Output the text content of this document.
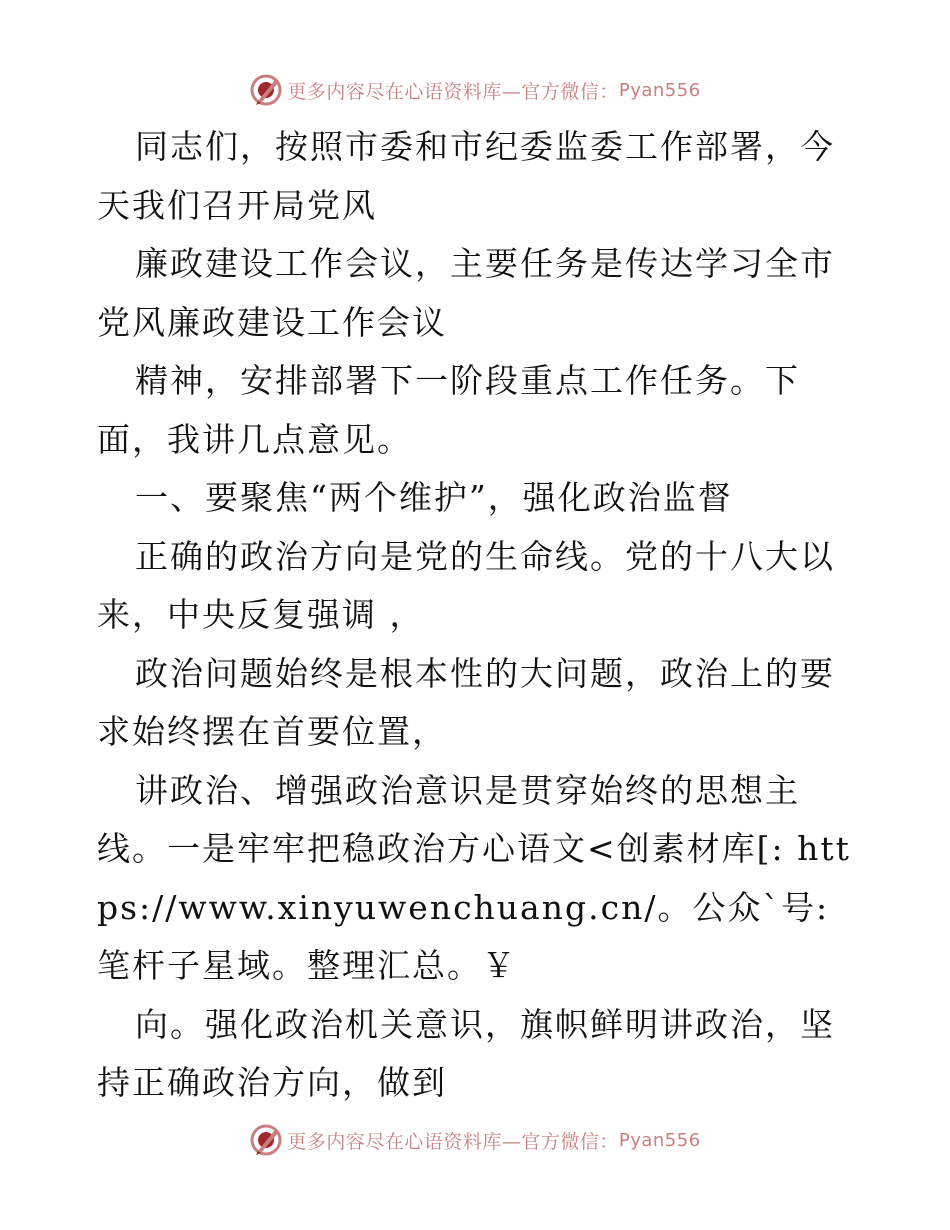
更多内容尽在心语资料库—官方微信： Pyan556

同志们，按照市委和市纪委监委工作部署，今天我们召开局党风

廉政建设工作会议，主要任务是传达学习全市党风廉政建设工作会议

精神，安排部署下一阶段重点工作任务。下面，我讲几点意见。

一、要聚焦“两个维护”，强化政治监督

正确的政治方向是党的生命线。党的十八大以来，中央反复强调 ，

政治问题始终是根本性的大问题，政治上的要求始终摆在首要位置，

讲政治、增强政治意识是贯穿始终的思想主线。一是牢牢把稳政治方心语文<创素材库[: https://www.xinyuwenchuang.cn/。公众`号: 笔杆子星域。整理汇总。￥

向。强化政治机关意识，旗帜鲜明讲政治，坚持正确政治方向，做到

更多内容尽在心语资料库—官方微信： Pyan556
